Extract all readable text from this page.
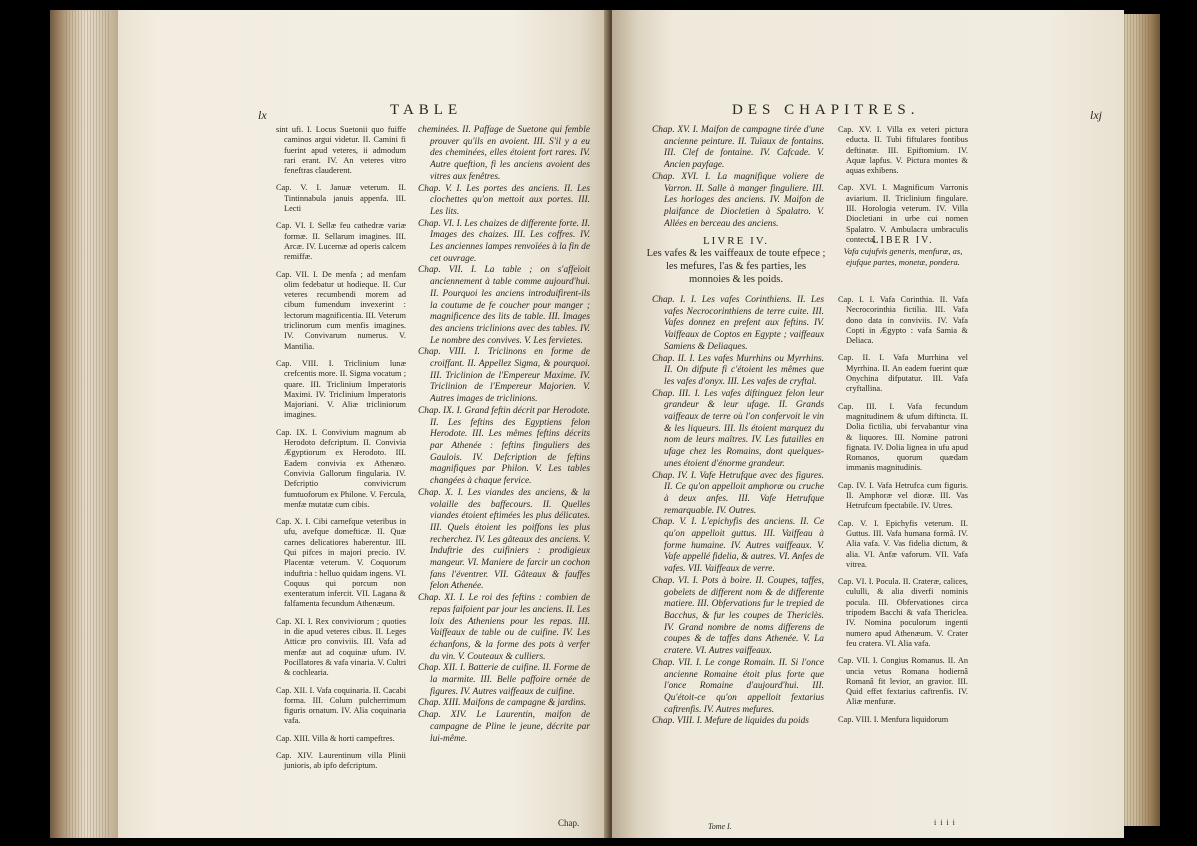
lx	TABLE

sint ufi. I. Locus Suetonii quo fuiffe caminos argui videtur. II. Camini fi fuerint apud veteres, ii admodum rari erant. IV. An veteres vitro feneftras clauderent.

Cap. V. I. Januæ veterum. II. Tintinnabula januis appenfa. III. Lecti

Cap. VI. I. Sellæ feu cathedræ variæ formæ. II. Sellarum imagines. III. Arcæ. IV. Lucernæ ad operis calcem remiffæ.

Cap. VII. I. De menfa ; ad menfam olim fedebatur ut hodieque. II. Cur veteres recumbendi morem ad cibum fumendum invexerint : lectorum magnificentia. III. Veterum triclinorum cum menfis imagines. IV. Convivarum numerus. V. Mantilia.

Cap. VIII. I. Triclinium lunæ crefcentis more. II. Sigma vocatum ; quare. III. Triclinium Imperatoris Maximi. IV. Triclinium Imperatoris Majoriani. V. Aliæ tricliniorum imagines.

Cap. IX. I. Convivium magnum ab Herodoto defcriptum. II. Convivia Ægyptiorum ex Herodoto. III. Eadem convivia ex Athenæo. Convivia Gallorum fingularia. IV. Defcriptio convivicrum fumtuoforum ex Philone. V. Fercula, menfæ mutatæ cum cibis.

Cap. X. I. Cibi carnefque veteribus in ufu, avefque domefticæ. II. Quæ carnes delicatiores haberentur. III. Qui pifces in majori precio. IV. Placentæ veterum. V. Coquorum induftria : helluo quidam ingens. VI. Coquus qui porcum non exenteratum infercit. VII. Lagana & falfamenta fecundum Athenæum.

Cap. XI. I. Rex conviviorum ; quoties in die apud veteres cibus. II. Leges Atticæ pro conviviis. III. Vafa ad menfæ aut ad coquinæ ufum. IV. Pocillatores & vafa vinaria. V. Cultri & cochlearia.

Cap. XII. I. Vafa coquinaria. II. Cacabi forma. III. Colum pulcherrimum figuris ornatum. IV. Alia coquinaria vafa.

Cap. XIII. Villa & horti campeftres.

Cap. XIV. Laurentinum villa Plinii junioris, ab ipfo defcriptum.

cheminées. II. Paffage de Suetone qui femble prouver qu'ils en avoient. III. S'il y a eu des cheminées, elles étoient fort rares. IV. Autre queftion, fi les anciens avoient des vitres aux fenêtres.

Chap. V. I. Les portes des anciens. II. Les clochettes qu'on mettoit aux portes. III. Les lits.

Chap. VI. I. Les chaizes de differente forte. II. Images des chaizes. III. Les coffres. IV. Les anciennes lampes renvoïées à la fin de cet ouvrage.

Chap. VII. I. La table ; on s'affeïoit anciennement à table comme aujourd'hui. II. Pourquoi les anciens introduifirent-ils la coutume de fe coucher pour manger ; magnificence des lits de table. III. Images des anciens triclinions avec des tables. IV. Le nombre des convives. V. Les fervietes.

Chap. VIII. I. Triclinons en forme de croiffant. II. Appellez Sigma, & pourquoi. III. Triclinion de l'Empereur Maxime. IV. Triclinion de l'Empereur Majorien. V. Autres images de triclinions.

Chap. IX. I. Grand feftin décrit par Herodote. II. Les feftins des Egyptiens felon Herodote. III. Les mêmes feftins décrits par Athenée : feftins finguliers des Gaulois. IV. Defcription de feftins magnifiques par Philon. V. Les tables changées à chaque fervice.

Chap. X. I. Les viandes des anciens, & la volaille des baffecours. II. Quelles viandes étoient eftimées les plus délicates. III. Quels étoient les poiffons les plus recherchez. IV. Les gâteaux des anciens. V. Induftrie des cuifiniers : prodigieux mangeur. VI. Maniere de farcir un cochon fans l'éventrer. VII. Gâteaux & fauffes felon Athenée.

Chap. XI. I. Le roi des feftins : combien de repas faifoient par jour les anciens. II. Les loix des Atheniens pour les repas. III. Vaiffeaux de table ou de cuifine. IV. Les échanfons, & la forme des pots à verfer du vin. V. Couteaux & culliers.

Chap. XII. I. Batterie de cuifine. II. Forme de la marmite. III. Belle paffoire ornée de figures. IV. Autres vaiffeaux de cuifine.

Chap. XIII. Maifons de campagne & jardins.

Chap. XIV. Le Laurentin, maifon de campagne de Pline le jeune, décrite par lui-même.

Chap.
DES CHAPITRES.	lxj

Chap. XV. I. Maifon de campagne tirée d'une ancienne peinture. II. Tuïaux de fontains. III. Clef de fontaine. IV. Cafcade. V. Ancien payfage.

Chap. XVI. I. La magnifique voliere de Varron. II. Salle à manger finguliere. III. Les horloges des anciens. IV. Maifon de plaifance de Diocletien à Spalatro. V. Allées en berceau des anciens.

Cap. XV. I. Villa ex veteri pictura educta. II. Tubi fiftulares fontibus deftinatæ. III. Epiftomium. IV. Aquæ lapfus. V. Pictura montes & aquas exhibens.

Cap. XVI. I. Magnificum Varronis aviarium. II. Triclinium fingulare. III. Horologia veterum. IV. Villa Diocletiani in urbe cui nomen Spalatro. V. Ambulacra umbraculis contecta.

LIVRE IV.
Les vafes & les vaiffeaux de toute efpece ; les mefures, l'as & fes parties, les monnoies & les poids.
LIBER IV.
Vafa cujufvis generis, menfuræ, as, ejufque partes, monetæ, pondera.

Chap. I. I. Les vafes Corinthiens. II. Les vafes Necrocorinthiens de terre cuite. III. Vafes donnez en prefent aux feftins. IV. Vaiffeaux de Coptos en Egypte ; vaiffeaux Samiens & Deliaques.

Chap. II. I. Les vafes Murrhins ou Myrrhins. II. On difpute fi c'étoient les mêmes que les vafes d'onyx. III. Les vafes de cryftal.

Chap. III. I. Les vafes diftinguez felon leur grandeur & leur ufage. II. Grands vaiffeaux de terre où l'on confervoit le vin & les liqueurs. III. Ils étoient marquez du nom de leurs maîtres. IV. Les futailles en ufage chez les Romains, dont quelques-unes étoient d'énorme grandeur.

Chap. IV. I. Vafe Hetrufque avec des figures. II. Ce qu'on appelloit amphoræ ou cruche à deux anfes. III. Vafe Hetrufque remarquable. IV. Outres.

Chap. V. I. L'epichyfis des anciens. II. Ce qu'on appelloit guttus. III. Vaiffeau à forme humaine. IV. Autres vaiffeaux. V. Vafe appellé fidelia, & autres. VI. Anfes de vafes. VII. Vaiffeaux de verre.

Chap. VI. I. Pots à boire. II. Coupes, taffes, gobelets de different nom & de differente matiere. III. Obfervations fur le trepied de Bacchus, & fur les coupes de Thericlès. IV. Grand nombre de noms differens de coupes & de taffes dans Athenée. V. La cratere. VI. Autres vaiffeaux.

Chap. VII. I. Le conge Romain. II. Si l'once ancienne Romaine étoit plus forte que l'once Romaine d'aujourd'hui. III. Qu'étoit-ce qu'on appelloit fextarius caftrenfis. IV. Autres mefures.

Chap. VIII. I. Mefure de liquides du poids

Cap. I. I. Vafa Corinthia. II. Vafa Necrocorinthia fictilia. III. Vafa dono data in conviviis. IV. Vafa Copti in Ægypto : vafa Samia & Deliaca.

Cap. II. I. Vafa Murrhina vel Myrrhina. II. An eadem fuerint quæ Onychina difputatur. III. Vafa cryftallina.

Cap. III. I. Vafa fecundum magnitudinem & ufum diftincta. II. Dolia fictilia, ubi fervabantur vina & liquores. III. Nomine patroni fignata. IV. Dolia lignea in ufu apud Romanos, quorum quædam immanis magnitudinis.

Cap. IV. I. Vafa Hetrufca cum figuris. II. Amphoræ vel dioræ. III. Vas Hetrufcum fpectabile. IV. Utres.

Cap. V. I. Epichyfis veterum. II. Guttus. III. Vafa humana formâ. IV. Alia vafa. V. Vas fidelia dictum, & alia. VI. Anfæ vaforum. VII. Vafa vitrea.

Cap. VI. I. Pocula. II. Crateræ, calices, cululli, & alia diverfi nominis pocula. III. Obfervationes circa tripodem Bacchi & vafa Thericlea. IV. Nomina poculorum ingenti numero apud Athenæum. V. Crater feu cratera. VI. Alia vafa.

Cap. VII. I. Congius Romanus. II. An uncia vetus Romana hodiernâ Romanâ fit levior, an gravior. III. Quid effet fextarius caftrenfis. IV. Aliæ menfuræ.

Cap. VIII. I. Menfura liquidorum

Tome I.	i i i i
